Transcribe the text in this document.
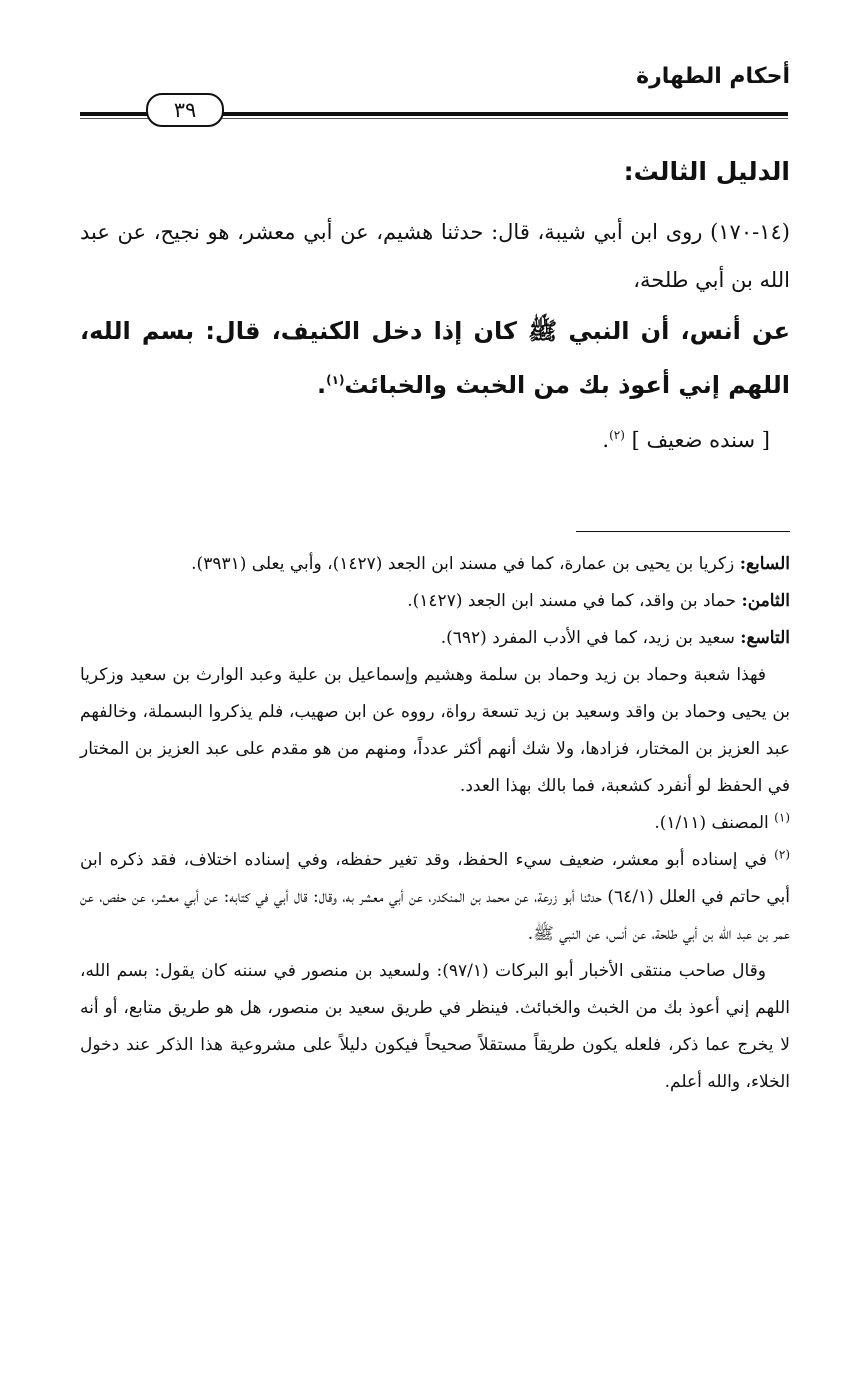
أحكام الطهارة
٣٩
الدليل الثالث:

(١٤-١٧٠) روى ابن أبي شيبة، قال: حدثنا هشيم، عن أبي معشر، هو نجيح، عن عبد الله بن أبي طلحة،

عن أنس، أن النبي ﷺ كان إذا دخل الكنيف، قال: بسم الله، اللهم إني أعوذ بك من الخبث والخبائث$^{(١)}$.

[ سنده ضعيف ] $^{(٢)}$.

السابع: زكريا بن يحيى بن عمارة، كما في مسند ابن الجعد (١٤٢٧)، وأبي يعلى (٣٩٣١).

الثامن: حماد بن واقد، كما في مسند ابن الجعد (١٤٢٧).

التاسع: سعيد بن زيد، كما في الأدب المفرد (٦٩٢).

فهذا شعبة وحماد بن زيد وحماد بن سلمة وهشيم وإسماعيل بن علية وعبد الوارث بن سعيد وزكريا بن يحيى وحماد بن واقد وسعيد بن زيد تسعة رواة، رووه عن ابن صهيب، فلم يذكروا البسملة، وخالفهم عبد العزيز بن المختار، فزادها، ولا شك أنهم أكثر عدداً، ومنهم من هو مقدم على عبد العزيز بن المختار في الحفظ لو أنفرد كشعبة، فما بالك بهذا العدد.

$^{(١)}$ المصنف (١/١١).

$^{(٢)}$ في إسناده أبو معشر، ضعيف سيء الحفظ، وقد تغير حفظه، وفي إسناده اختلاف، فقد ذكره ابن أبي حاتم في العلل (٦٤/١) حدثنا أبو زرعة، عن محمد بن المنكدر، عن أبي معشر به، وقال: قال أبي في كتابه: عن أبي معشر، عن حفص، عن عمر بن عبد الله بن أبي طلحة، عن أنس، عن النبي ﷺ.

وقال صاحب منتقى الأخبار أبو البركات (٩٧/١): ولسعيد بن منصور في سننه كان يقول: بسم الله، اللهم إني أعوذ بك من الخبث والخبائث. فينظر في طريق سعيد بن منصور، هل هو طريق متابع، أو أنه لا يخرج عما ذكر، فلعله يكون طريقاً مستقلاً صحيحاً فيكون دليلاً على مشروعية هذا الذكر عند دخول الخلاء، والله أعلم.
